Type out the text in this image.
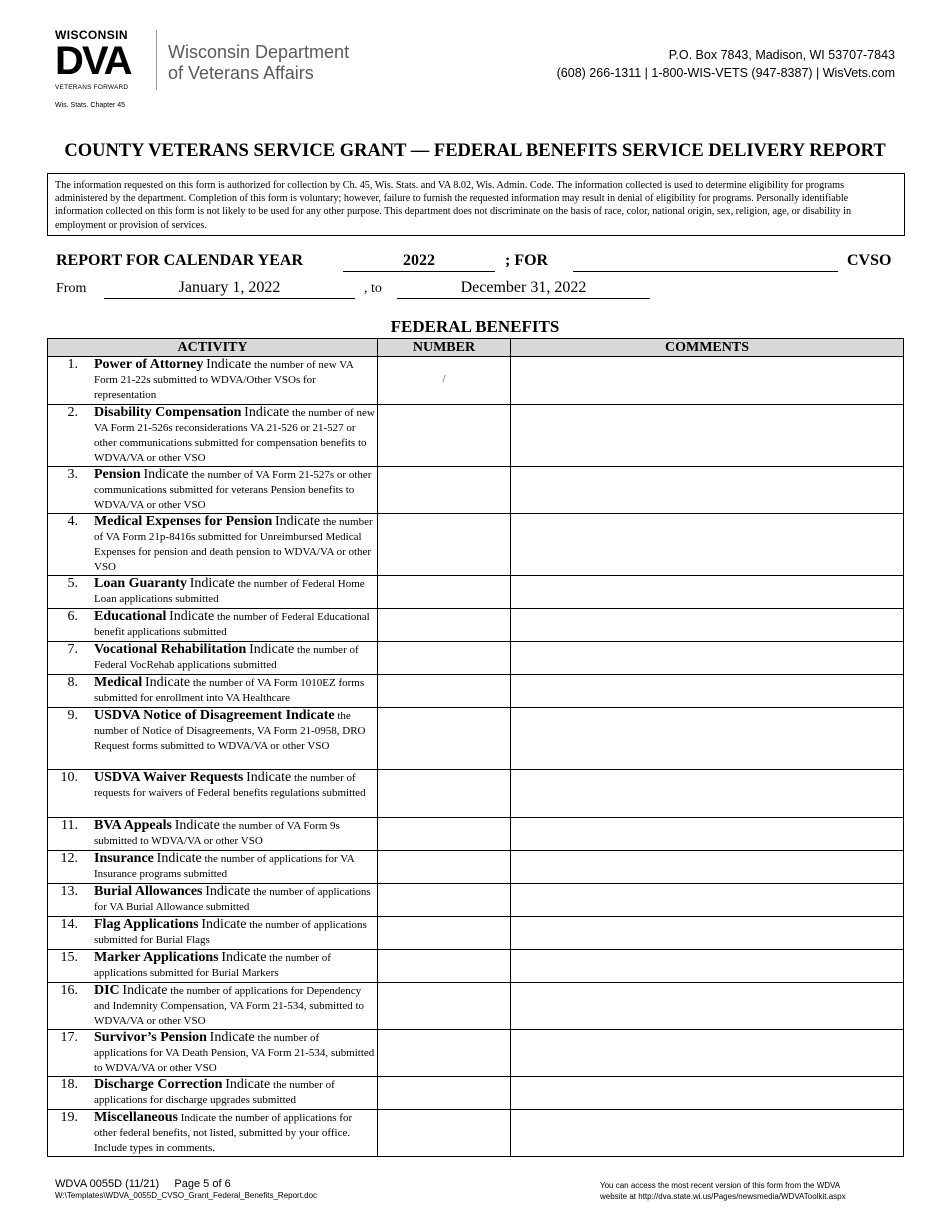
WISCONSIN
DVA
VETERANS FORWARD
Wis. Stats. Chapter 45
Wisconsin Department
of Veterans Affairs
P.O. Box 7843, Madison, WI 53707-7843
(608) 266-1311 | 1-800-WIS-VETS (947-8387) | WisVets.com
COUNTY VETERANS SERVICE GRANT — FEDERAL BENEFITS SERVICE DELIVERY REPORT
The information requested on this form is authorized for collection by Ch. 45, Wis. Stats. and VA 8.02, Wis. Admin. Code. The information collected is used to determine eligibility for programs administered by the department. Completion of this form is voluntary; however, failure to furnish the requested information may result in denial of eligibility for programs. Personally identifiable information collected on this form is not likely to be used for any other purpose. This department does not discriminate on the basis of race, color, national origin, sex, religion, age, or disability in employment or provision of services.
REPORT FOR CALENDAR YEAR	2022	; FOR	CVSO
From	January 1, 2022	, to	December 31, 2022
FEDERAL BENEFITS
ACTIVITY	NUMBER	COMMENTS

1. Power of Attorney Indicate the number of new VA Form 21-22s submitted to WDVA/Other VSOs for representation	/	

2. Disability Compensation Indicate the number of new VA Form 21-526s reconsiderations VA 21-526 or 21-527 or other communications submitted for compensation benefits to WDVA/VA or other VSO		

3. Pension Indicate the number of VA Form 21-527s or other communications submitted for veterans Pension benefits to WDVA/VA or other VSO		

4. Medical Expenses for Pension Indicate the number of VA Form 21p-8416s submitted for Unreimbursed Medical Expenses for pension and death pension to WDVA/VA or other VSO		

5. Loan Guaranty Indicate the number of Federal Home Loan applications submitted		

6. Educational Indicate the number of Federal Educational benefit applications submitted		

7. Vocational Rehabilitation Indicate the number of Federal VocRehab applications submitted		

8. Medical Indicate the number of VA Form 1010EZ forms submitted for enrollment into VA Healthcare		

9. USDVA Notice of Disagreement Indicate the number of Notice of Disagreements, VA Form 21-0958, DRO Request forms submitted to WDVA/VA or other VSO		

10. USDVA Waiver Requests Indicate the number of requests for waivers of Federal benefits regulations submitted		

11. BVA Appeals Indicate the number of VA Form 9s submitted to WDVA/VA or other VSO		

12. Insurance Indicate the number of applications for VA Insurance programs submitted		

13. Burial Allowances Indicate the number of applications for VA Burial Allowance submitted		

14. Flag Applications Indicate the number of applications submitted for Burial Flags		

15. Marker Applications Indicate the number of applications submitted for Burial Markers		

16. DIC Indicate the number of applications for Dependency and Indemnity Compensation, VA Form 21-534, submitted to WDVA/VA or other VSO		

17. Survivor’s Pension Indicate the number of applications for VA Death Pension, VA Form 21-534, submitted to WDVA/VA or other VSO		

18. Discharge Correction Indicate the number of applications for discharge upgrades submitted		

19. Miscellaneous Indicate the number of applications for other federal benefits, not listed, submitted by your office. Include types in comments.		
WDVA 0055D (11/21) Page 5 of 6
W:\Templates\WDVA_0055D_CVSO_Grant_Federal_Benefits_Report.doc
You can access the most recent version of this form from the WDVA
website at http://dva.state.wi.us/Pages/newsmedia/WDVAToolkit.aspx
